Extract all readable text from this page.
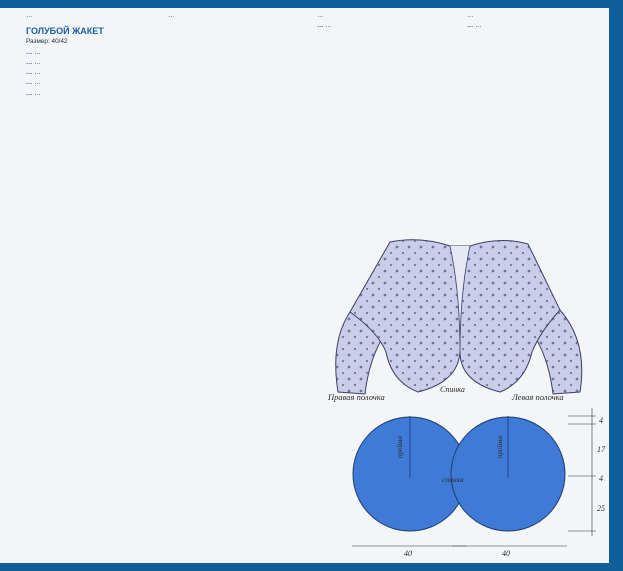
…

ГОЛУБОЙ ЖАКЕТ

Размер: 40/42

… …

… …

… …

… …

… …

…	…

… …

…

… …

Правая полочка
Спинка
Левая полочка
пройма	пройма
спинка
4
17
4
25
40	40
